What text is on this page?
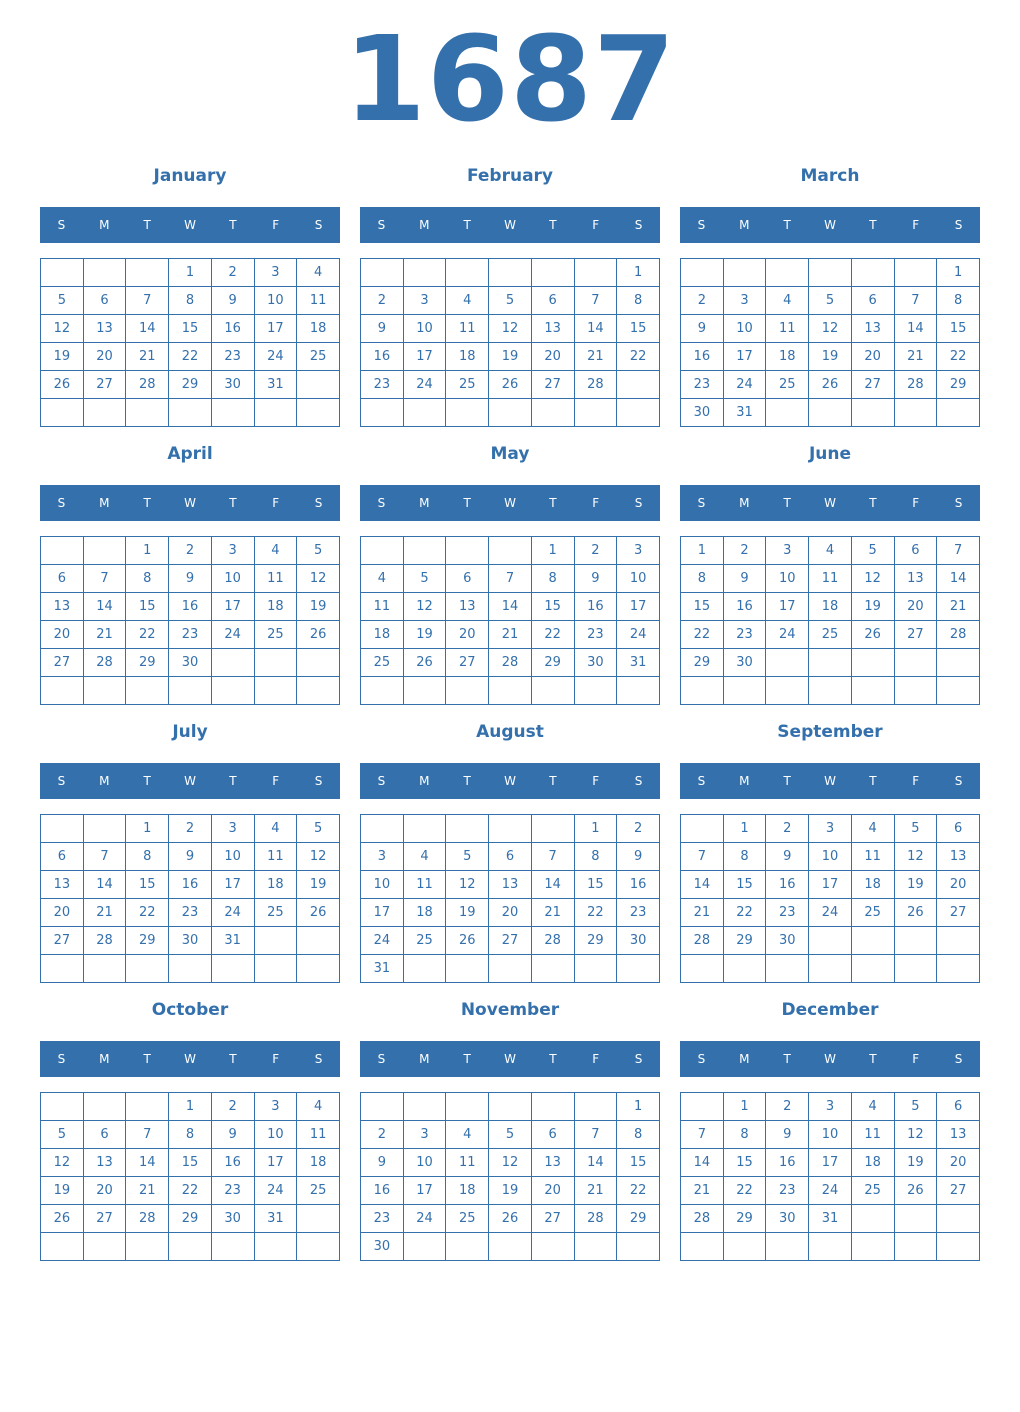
1687
January
S	M	T	W	T	F	S
			1	2	3	4
5	6	7	8	9	10	11
12	13	14	15	16	17	18
19	20	21	22	23	24	25
26	27	28	29	30	31	

February
S	M	T	W	T	F	S
						1
2	3	4	5	6	7	8
9	10	11	12	13	14	15
16	17	18	19	20	21	22
23	24	25	26	27	28	

March
S	M	T	W	T	F	S
						1
2	3	4	5	6	7	8
9	10	11	12	13	14	15
16	17	18	19	20	21	22
23	24	25	26	27	28	29
30	31					
April
S	M	T	W	T	F	S
		1	2	3	4	5
6	7	8	9	10	11	12
13	14	15	16	17	18	19
20	21	22	23	24	25	26
27	28	29	30			

May
S	M	T	W	T	F	S
				1	2	3
4	5	6	7	8	9	10
11	12	13	14	15	16	17
18	19	20	21	22	23	24
25	26	27	28	29	30	31

June
S	M	T	W	T	F	S
1	2	3	4	5	6	7
8	9	10	11	12	13	14
15	16	17	18	19	20	21
22	23	24	25	26	27	28
29	30					

July
S	M	T	W	T	F	S
		1	2	3	4	5
6	7	8	9	10	11	12
13	14	15	16	17	18	19
20	21	22	23	24	25	26
27	28	29	30	31		

August
S	M	T	W	T	F	S
					1	2
3	4	5	6	7	8	9
10	11	12	13	14	15	16
17	18	19	20	21	22	23
24	25	26	27	28	29	30
31						
September
S	M	T	W	T	F	S
	1	2	3	4	5	6
7	8	9	10	11	12	13
14	15	16	17	18	19	20
21	22	23	24	25	26	27
28	29	30				

October
S	M	T	W	T	F	S
			1	2	3	4
5	6	7	8	9	10	11
12	13	14	15	16	17	18
19	20	21	22	23	24	25
26	27	28	29	30	31	

November
S	M	T	W	T	F	S
						1
2	3	4	5	6	7	8
9	10	11	12	13	14	15
16	17	18	19	20	21	22
23	24	25	26	27	28	29
30						
December
S	M	T	W	T	F	S
	1	2	3	4	5	6
7	8	9	10	11	12	13
14	15	16	17	18	19	20
21	22	23	24	25	26	27
28	29	30	31			
